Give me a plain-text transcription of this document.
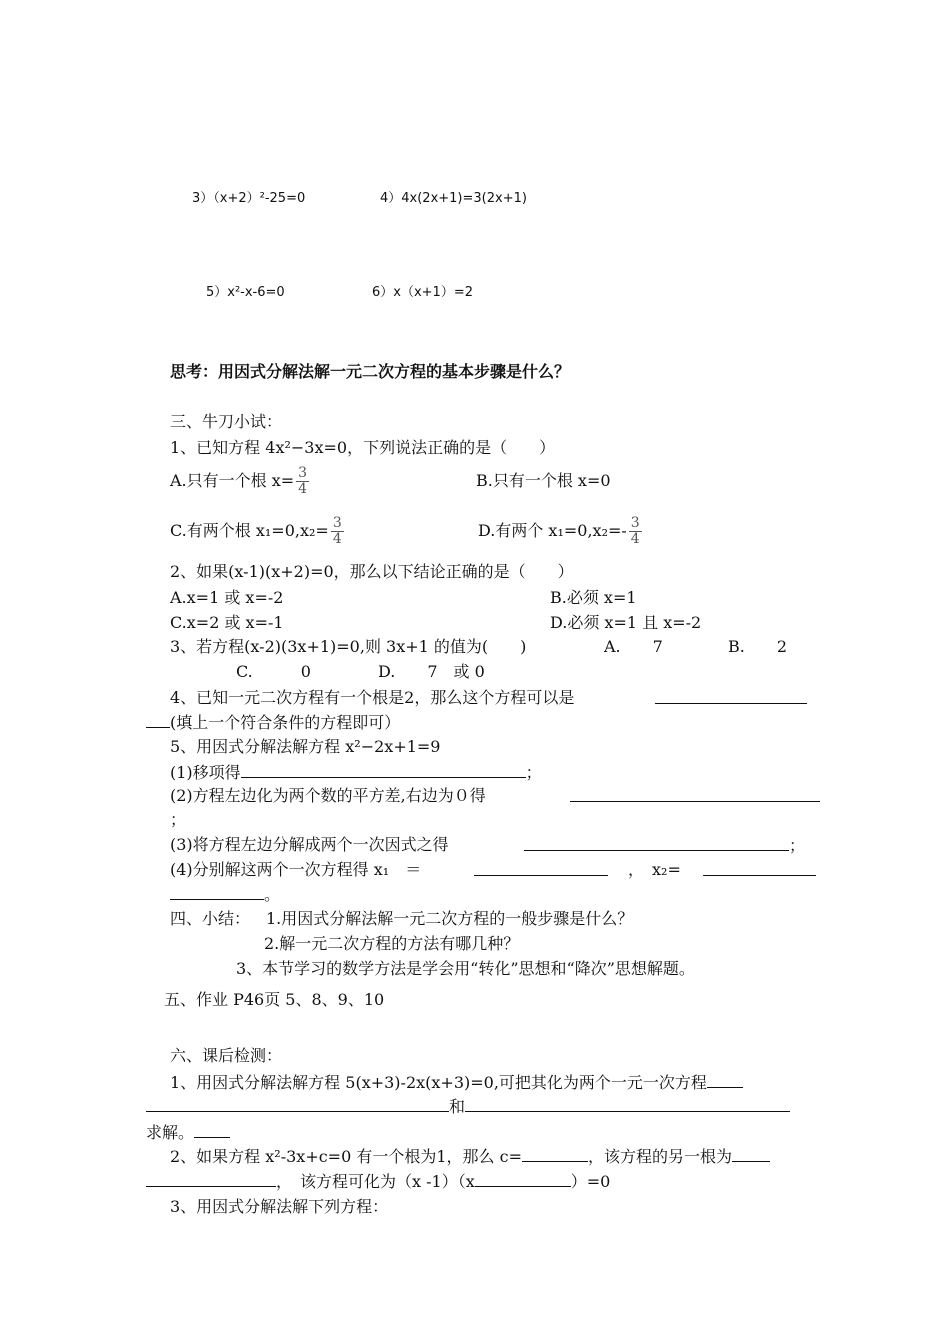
3）（x+2）²-25=0	4）4x(2x+1)=3(2x+1)
5）x²-x-6=0	6）x（x+1）=2
思考：用因式分解法解一元二次方程的基本步骤是什么？
三、牛刀小试：
1、已知方程 4x²−3x=0，下列说法正确的是（　　）
A.只有一个根 $x= \frac{3}{4}$	B.只有一个根 x=0
C.有两个根 $x_1=0,x_2= \frac{3}{4}$	D.有两个 $x_1=0,x_2=- \frac{3}{4}$
2、如果(x-1)(x+2)=0，那么以下结论正确的是（　　）
A.x=1 或 x=-2	B.必须 x=1
C.x=2 或 x=-1	D.必须 x=1 且 x=-2
3、若方程(x-2)(3x+1)=0,则 3x+1 的值为(　　)	A.　　7	B.　　2
C.　　　0	D.　　7　或 0
4、已知一元二次方程有一个根是2，那么这个方程可以是
(填上一个符合条件的方程即可）
5、用因式分解法解方程 x²−2x+1=9
(1)移项得	；
(2)方程左边化为两个数的平方差,右边为０得
；
(3)将方程左边分解成两个一次因式之得	；
(4)分别解这两个一次方程得 x₁　＝	，　x₂=
。
四、小结： 1.用因式分解法解一元二次方程的一般步骤是什么？
2.解一元二次方程的方法有哪几种？
3、本节学习的数学方法是学会用“转化”思想和“降次”思想解题。
五、作业 P46页 5、8、9、10
六、课后检测：
1、用因式分解法解方程 5(x+3)-2x(x+3)=0,可把其化为两个一元一次方程
和
求解。
2、如果方程 x²-3x+c=0 有一个根为1，那么 c=	，该方程的另一根为
，　该方程可化为（x -1）（x	）=0
3、用因式分解法解下列方程：
